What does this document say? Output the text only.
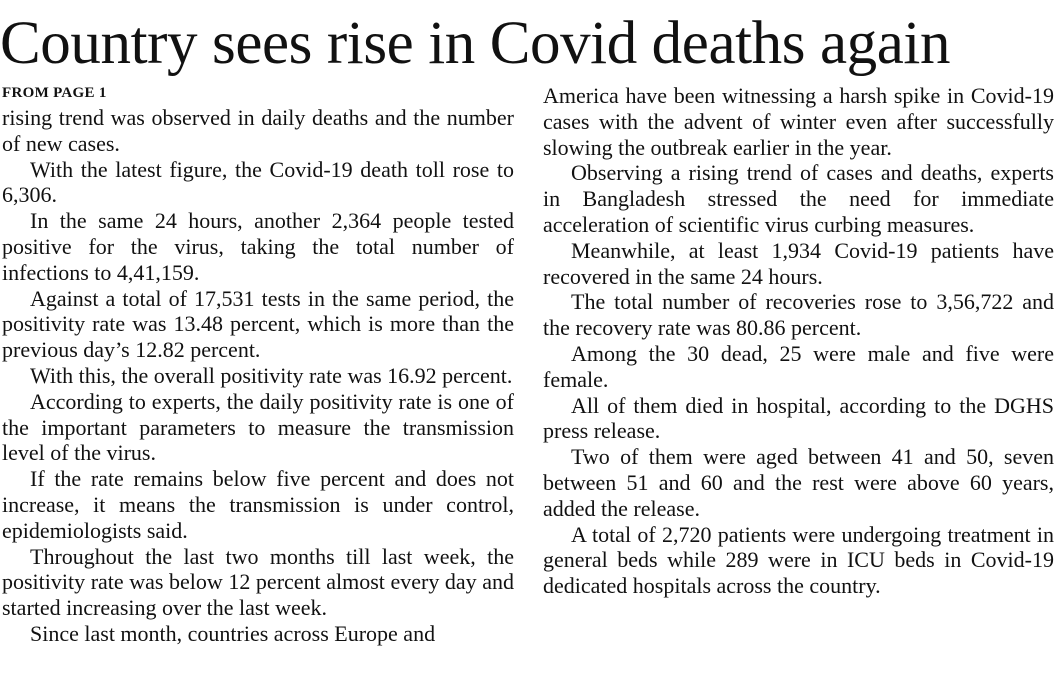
Country sees rise in Covid deaths again
FROM PAGE 1

rising trend was observed in daily deaths and the number of new cases.

With the latest figure, the Covid-19 death toll rose to 6,306.

In the same 24 hours, another 2,364 people tested positive for the virus, taking the total number of infections to 4,41,159.

Against a total of 17,531 tests in the same period, the positivity rate was 13.48 percent, which is more than the previous day’s 12.82 percent.

With this, the overall positivity rate was 16.92 percent.

According to experts, the daily positivity rate is one of the important parameters to measure the transmission level of the virus.

If the rate remains below five percent and does not increase, it means the transmission is under control, epidemiologists said.

Throughout the last two months till last week, the positivity rate was below 12 percent almost every day and started increasing over the last week.

Since last month, countries across Europe and

America have been witnessing a harsh spike in Covid-19 cases with the advent of winter even after successfully slowing the outbreak earlier in the year.

Observing a rising trend of cases and deaths, experts in Bangladesh stressed the need for immediate acceleration of scientific virus curbing measures.

Meanwhile, at least 1,934 Covid-19 patients have recovered in the same 24 hours.

The total number of recoveries rose to 3,56,722 and the recovery rate was 80.86 percent.

Among the 30 dead, 25 were male and five were female.

All of them died in hospital, according to the DGHS press release.

Two of them were aged between 41 and 50, seven between 51 and 60 and the rest were above 60 years, added the release.

A total of 2,720 patients were undergoing treatment in general beds while 289 were in ICU beds in Covid-19 dedicated hospitals across the country.
